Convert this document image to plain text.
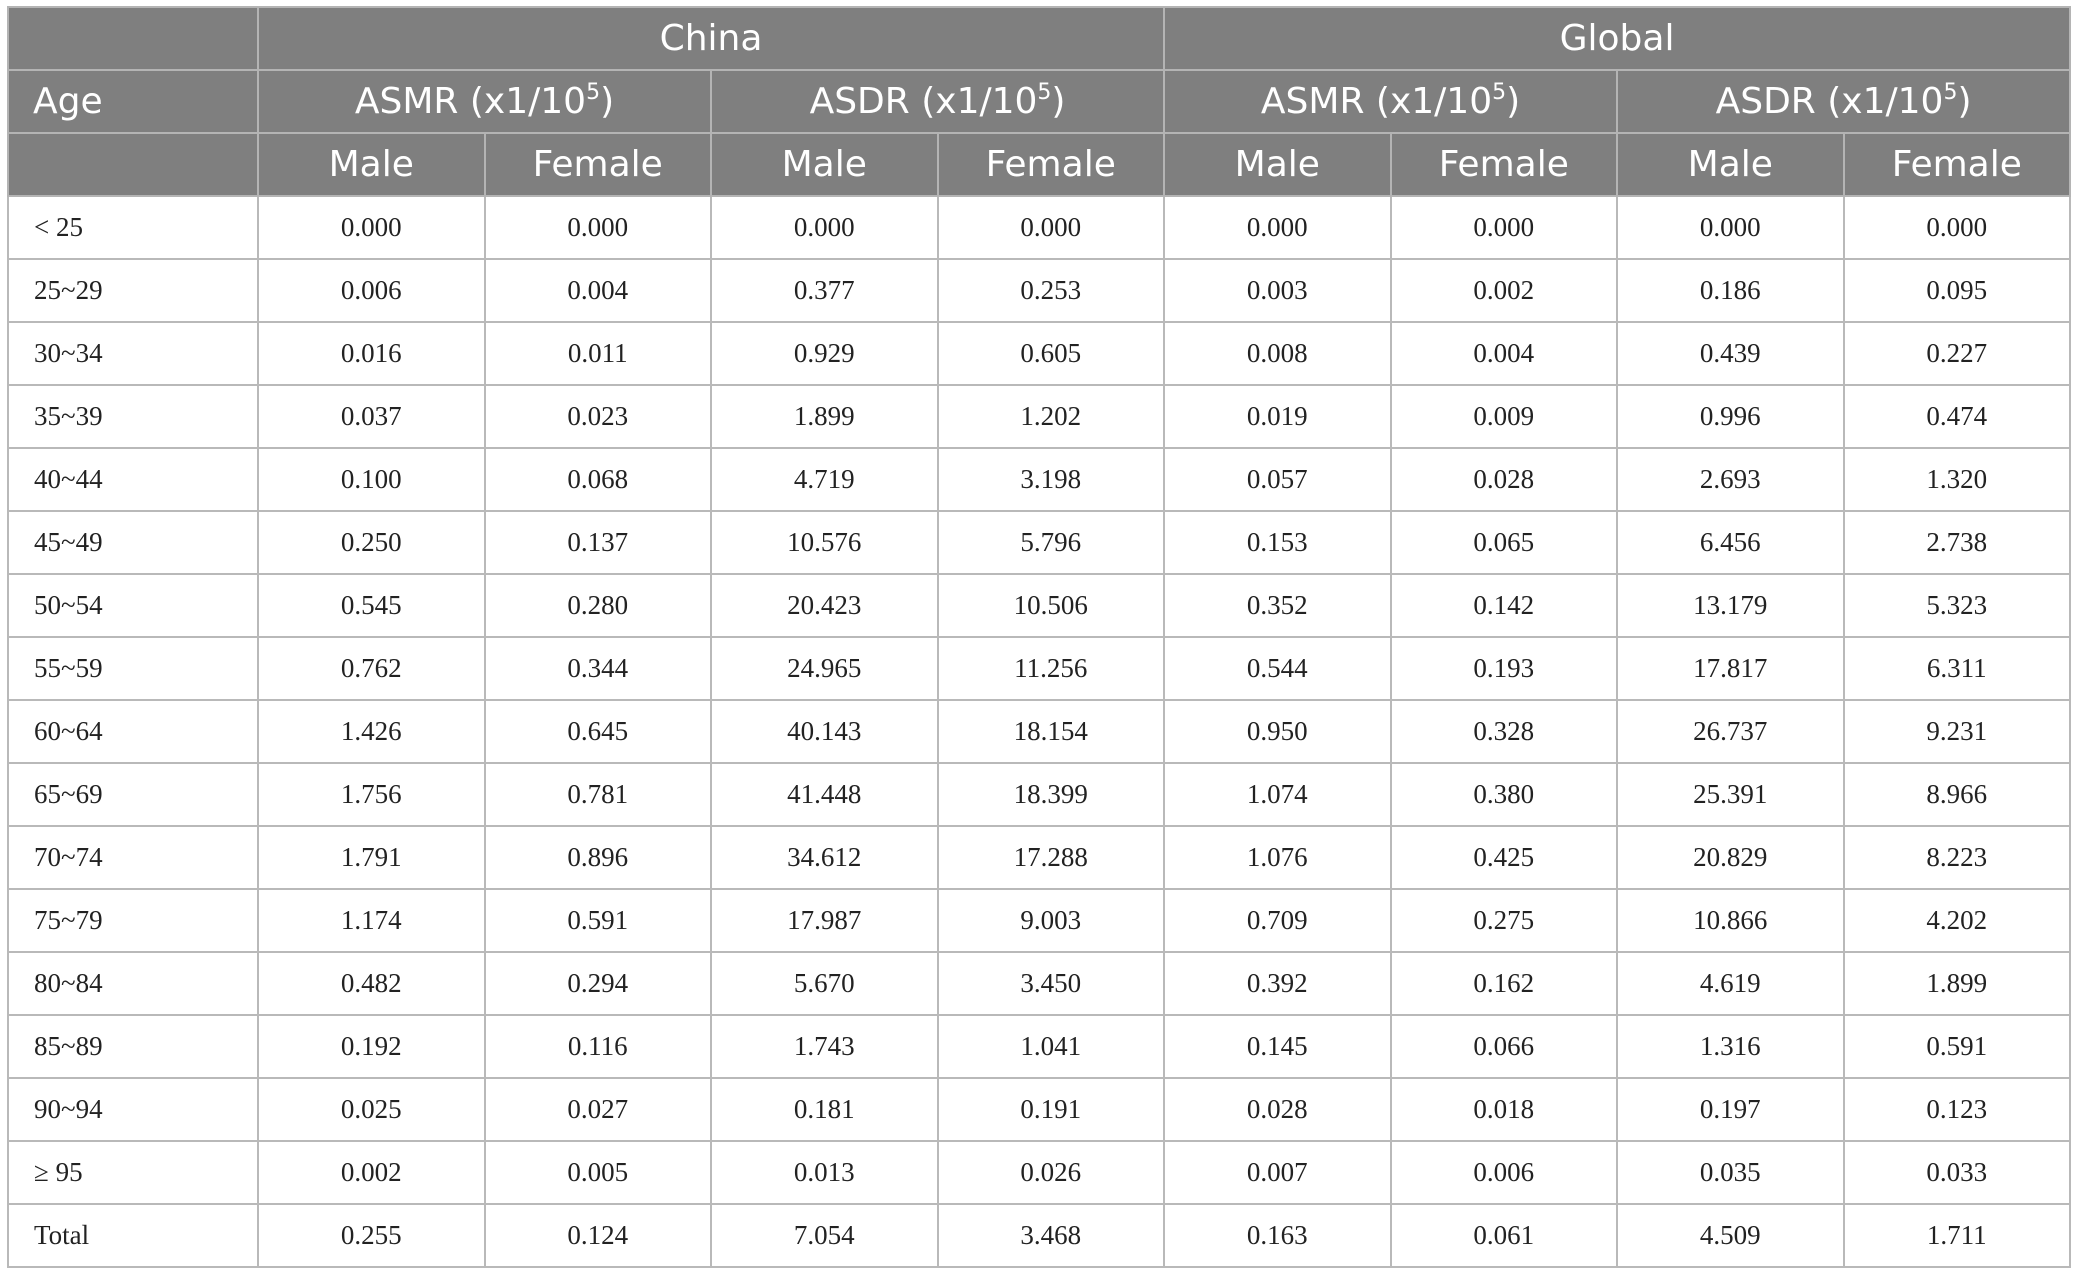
	China				Global			
Age	ASMR $(x1/10^5)$		ASDR $(x1/10^5)$		ASMR $(x1/10^5)$		ASDR $(x1/10^5)$	
	Male	Female	Male	Female	Male	Female	Male	Female
< 25	0.000	0.000	0.000	0.000	0.000	0.000	0.000	0.000
25~29	0.006	0.004	0.377	0.253	0.003	0.002	0.186	0.095
30~34	0.016	0.011	0.929	0.605	0.008	0.004	0.439	0.227
35~39	0.037	0.023	1.899	1.202	0.019	0.009	0.996	0.474
40~44	0.100	0.068	4.719	3.198	0.057	0.028	2.693	1.320
45~49	0.250	0.137	10.576	5.796	0.153	0.065	6.456	2.738
50~54	0.545	0.280	20.423	10.506	0.352	0.142	13.179	5.323
55~59	0.762	0.344	24.965	11.256	0.544	0.193	17.817	6.311
60~64	1.426	0.645	40.143	18.154	0.950	0.328	26.737	9.231
65~69	1.756	0.781	41.448	18.399	1.074	0.380	25.391	8.966
70~74	1.791	0.896	34.612	17.288	1.076	0.425	20.829	8.223
75~79	1.174	0.591	17.987	9.003	0.709	0.275	10.866	4.202
80~84	0.482	0.294	5.670	3.450	0.392	0.162	4.619	1.899
85~89	0.192	0.116	1.743	1.041	0.145	0.066	1.316	0.591
90~94	0.025	0.027	0.181	0.191	0.028	0.018	0.197	0.123
≥ 95	0.002	0.005	0.013	0.026	0.007	0.006	0.035	0.033
Total	0.255	0.124	7.054	3.468	0.163	0.061	4.509	1.711
